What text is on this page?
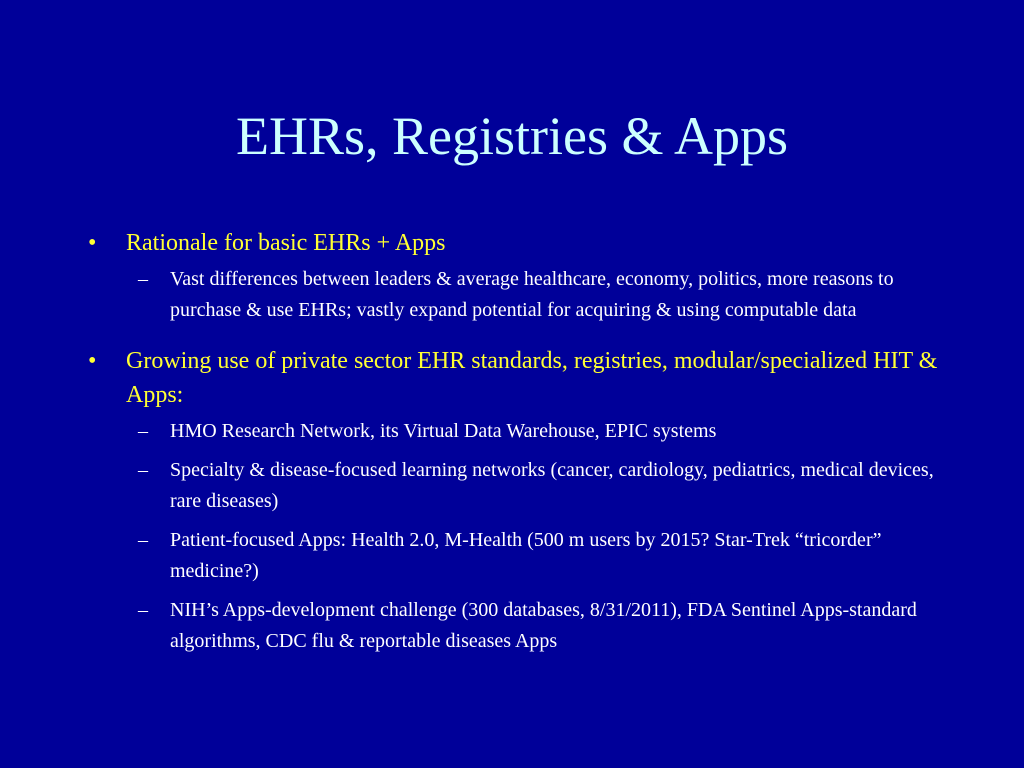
EHRs, Registries & Apps
•	Rationale for basic EHRs + Apps
– Vast differences between leaders & average healthcare, economy, politics, more reasons to purchase & use EHRs; vastly expand potential for acquiring & using computable data
•	Growing use of private sector EHR standards, registries, modular/specialized HIT & Apps:
– HMO Research Network, its Virtual Data Warehouse, EPIC systems
– Specialty & disease-focused learning networks (cancer, cardiology, pediatrics, medical devices, rare diseases)
– Patient-focused Apps: Health 2.0, M-Health (500 m users by 2015? Star-Trek “tricorder” medicine?)
– NIH’s Apps-development challenge (300 databases, 8/31/2011), FDA Sentinel Apps-standard algorithms, CDC flu & reportable diseases Apps
